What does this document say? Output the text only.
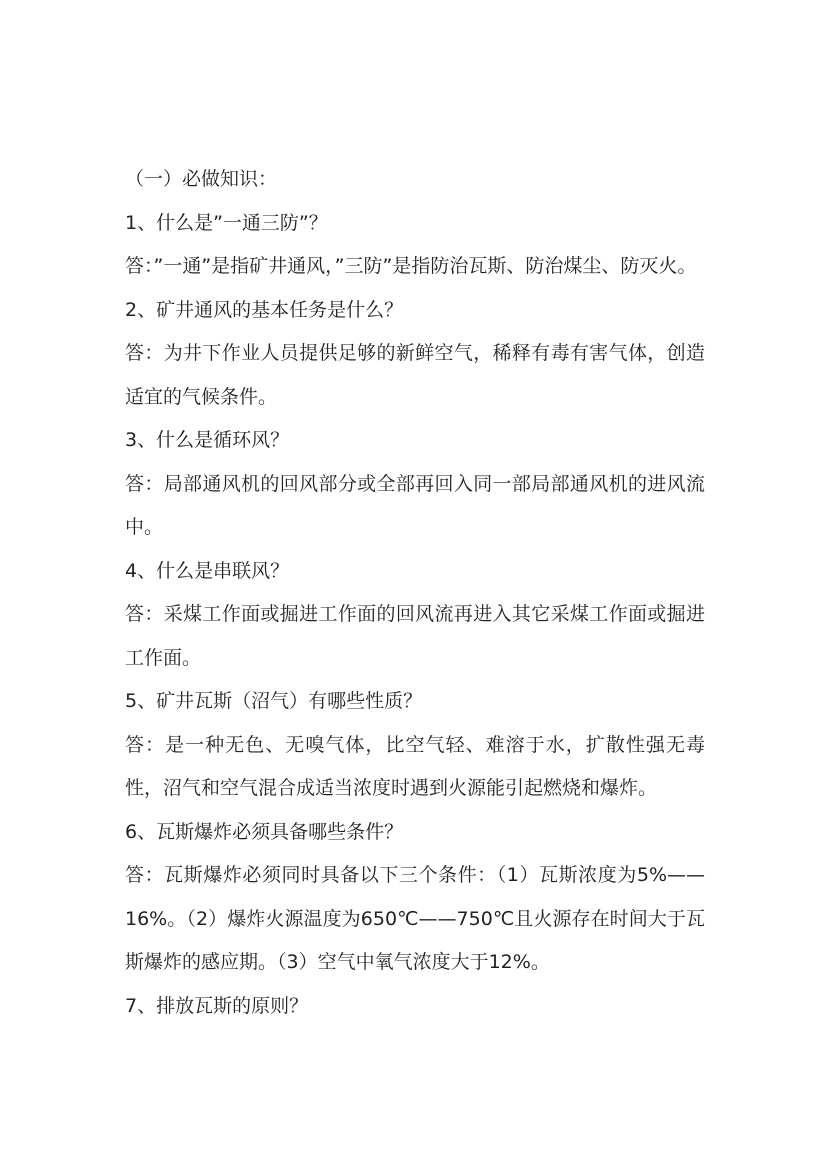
（一）必做知识：

1、什么是”一通三防”？

答：”一通”是指矿井通风，”三防”是指防治瓦斯、防治煤尘、防灭火。

2、矿井通风的基本任务是什么？

答：为井下作业人员提供足够的新鲜空气，稀释有毒有害气体，创造适宜的气候条件。

3、什么是循环风？

答：局部通风机的回风部分或全部再回入同一部局部通风机的进风流中。

4、什么是串联风？

答：采煤工作面或掘进工作面的回风流再进入其它采煤工作面或掘进工作面。

5、矿井瓦斯（沼气）有哪些性质？

答：是一种无色、无嗅气体，比空气轻、难溶于水，扩散性强无毒性，沼气和空气混合成适当浓度时遇到火源能引起燃烧和爆炸。

6、瓦斯爆炸必须具备哪些条件？

答：瓦斯爆炸必须同时具备以下三个条件：（1）瓦斯浓度为5%——16%。（2）爆炸火源温度为650℃——750℃且火源存在时间大于瓦斯爆炸的感应期。（3）空气中氧气浓度大于12%。

7、排放瓦斯的原则？
